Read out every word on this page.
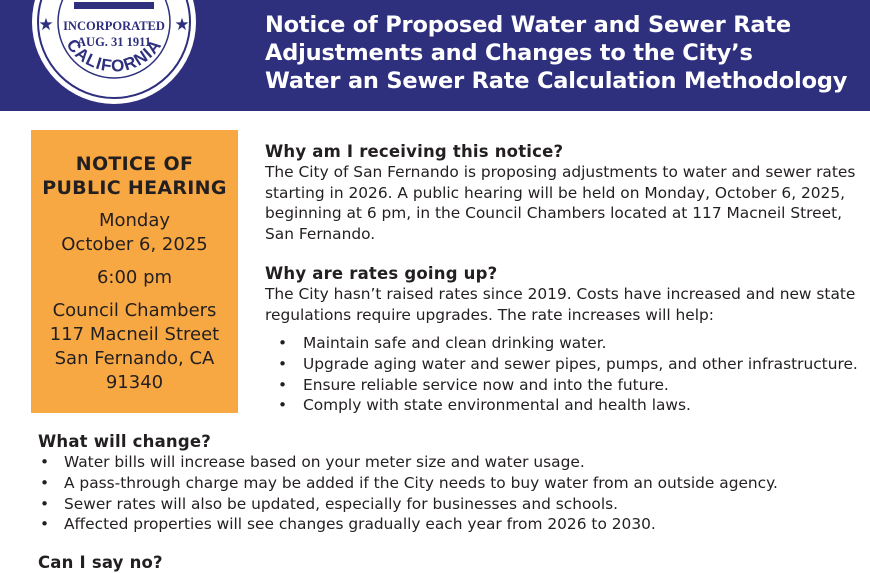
INCORPORATED
AUG. 31 1911
★	★
CALIFORNIA
Notice of Proposed Water and Sewer Rate
Adjustments and Changes to the City’s
Water an Sewer Rate Calculation Methodology
NOTICE OF
PUBLIC HEARING
Monday
October 6, 2025
6:00 pm
Council Chambers
117 Macneil Street
San Fernando, CA
91340
Why am I receiving this notice?
The City of San Fernando is proposing adjustments to water and sewer rates
starting in 2026. A public hearing will be held on Monday, October 6, 2025,
beginning at 6 pm, in the Council Chambers located at 117 Macneil Street,
San Fernando.
Why are rates going up?
The City hasn’t raised rates since 2019. Costs have increased and new state
regulations require upgrades. The rate increases will help:
• Maintain safe and clean drinking water.
• Upgrade aging water and sewer pipes, pumps, and other infrastructure.
• Ensure reliable service now and into the future.
• Comply with state environmental and health laws.
What will change?
• Water bills will increase based on your meter size and water usage.
• A pass-through charge may be added if the City needs to buy water from an outside agency.
• Sewer rates will also be updated, especially for businesses and schools.
• Affected properties will see changes gradually each year from 2026 to 2030.
Can I say no?
